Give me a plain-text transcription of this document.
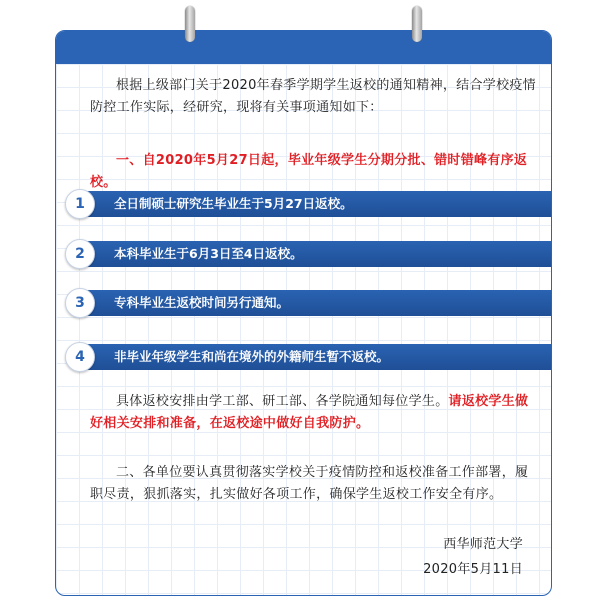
根据上级部门关于2020年春季学期学生返校的通知精神，结合学校疫情防控工作实际，经研究，现将有关事项通知如下：

一、自2020年5月27日起，毕业年级学生分期分批、错时错峰有序返校。

全日制硕士研究生毕业生于5月27日返校。
本科毕业生于6月3日至4日返校。
专科毕业生返校时间另行通知。
非毕业年级学生和尚在境外的外籍师生暂不返校。

具体返校安排由学工部、研工部、各学院通知每位学生。请返校学生做好相关安排和准备，在返校途中做好自我防护。

二、各单位要认真贯彻落实学校关于疫情防控和返校准备工作部署，履职尽责，狠抓落实，扎实做好各项工作，确保学生返校工作安全有序。

西华师范大学
2020年5月11日
1
2
3
4
